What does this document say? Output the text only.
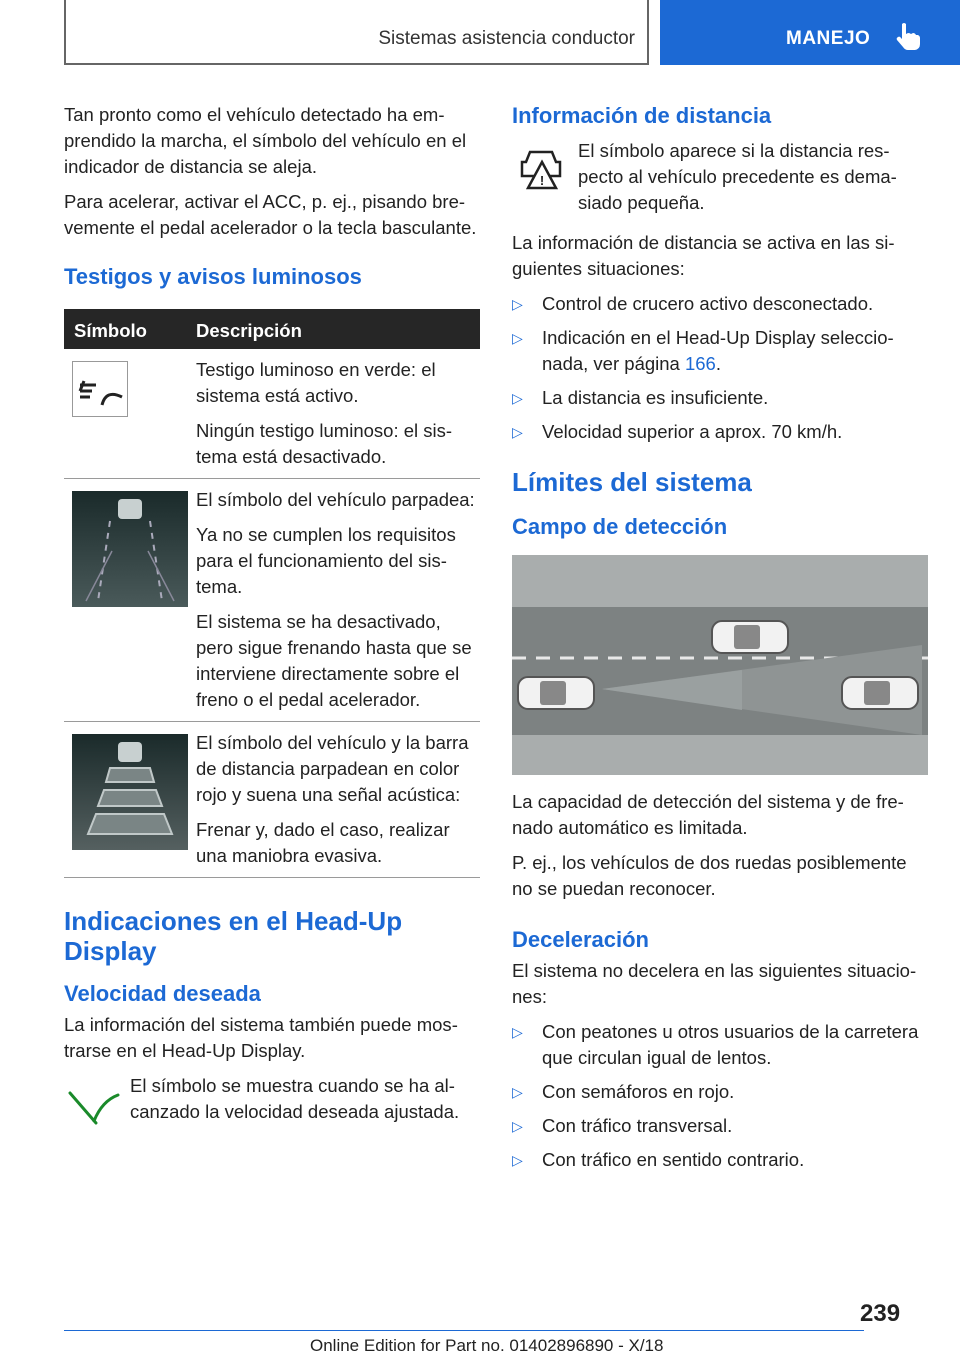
Sistemas asistencia conductor	MANEJO

Tan pronto como el vehículo detectado ha emprendido la marcha, el símbolo del vehículo en el indicador de distancia se aleja.

Para acelerar, activar el ACC, p. ej., pisando brevemente el pedal acelerador o la tecla basculante.

Testigos y avisos luminosos
Símbolo	Descripción

Testigo luminoso en verde: el sistema está activo.

Ningún testigo luminoso: el sistema está desactivado.

El símbolo del vehículo parpadea:

Ya no se cumplen los requisitos para el funcionamiento del sistema.

El sistema se ha desactivado, pero sigue frenando hasta que se interviene directamente sobre el freno o el pedal acelerador.

El símbolo del vehículo y la barra de distancia parpadean en color rojo y suena una señal acústica:

Frenar y, dado el caso, realizar una maniobra evasiva.

Indicaciones en el Head-Up Display
Velocidad deseada

La información del sistema también puede mostrarse en el Head-Up Display.

El símbolo se muestra cuando se ha alcanzado la velocidad deseada ajustada.

Información de distancia
!

El símbolo aparece si la distancia respecto al vehículo precedente es demasiado pequeña.

La información de distancia se activa en las siguientes situaciones:

▷ Control de crucero activo desconectado.
▷ Indicación en el Head-Up Display seleccionada, ver página 166.
▷ La distancia es insuficiente.
▷ Velocidad superior a aprox. 70 km/h.
Límites del sistema
Campo de detección

La capacidad de detección del sistema y de frenado automático es limitada.

P. ej., los vehículos de dos ruedas posiblemente no se puedan reconocer.

Deceleración

El sistema no decelera en las siguientes situaciones:

▷ Con peatones u otros usuarios de la carretera que circulan igual de lentos.
▷ Con semáforos en rojo.
▷ Con tráfico transversal.
▷ Con tráfico en sentido contrario.
239
Online Edition for Part no. 01402896890 - X/18
